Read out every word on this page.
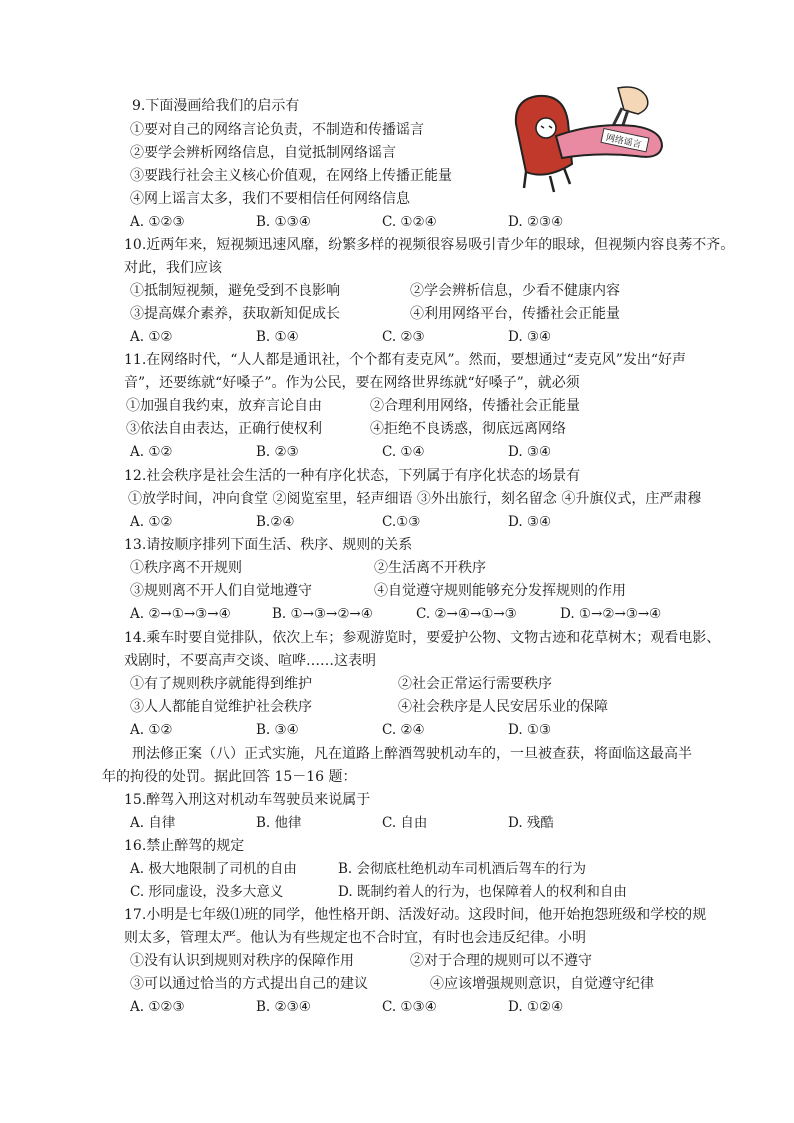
网络谣言
9.下面漫画给我们的启示有
①要对自己的网络言论负责，不制造和传播谣言
②要学会辨析网络信息，自觉抵制网络谣言
③要践行社会主义核心价值观，在网络上传播正能量
④网上谣言太多，我们不要相信任何网络信息
A. ①②③	B. ①③④	C. ①②④	D. ②③④
10.近两年来，短视频迅速风靡，纷繁多样的视频很容易吸引青少年的眼球，但视频内容良莠不齐。
对此，我们应该
①抵制短视频，避免受到不良影响	②学会辨析信息，少看不健康内容
③提高媒介素养，获取新知促成长	④利用网络平台，传播社会正能量
A. ①②	B. ①④	C. ②③	D. ③④
11.在网络时代，“人人都是通讯社，个个都有麦克风”。然而，要想通过“麦克风”发出“好声
音”，还要练就“好嗓子”。作为公民，要在网络世界练就“好嗓子”，就必须
①加强自我约束，放弃言论自由	②合理利用网络，传播社会正能量
③依法自由表达，正确行使权利	④拒绝不良诱惑，彻底远离网络
A. ①②	B. ②③	C. ①④	D. ③④
12.社会秩序是社会生活的一种有序化状态，下列属于有序化状态的场景有
①放学时间，冲向食堂 ②阅览室里，轻声细语 ③外出旅行，刻名留念 ④升旗仪式，庄严肃穆
A. ①②	B.②④	C.①③	D. ③④
13.请按顺序排列下面生活、秩序、规则的关系
①秩序离不开规则	②生活离不开秩序
③规则离不开人们自觉地遵守	④自觉遵守规则能够充分发挥规则的作用
A. ②→①→③→④	B. ①→③→②→④	C. ②→④→①→③	D. ①→②→③→④
14.乘车时要自觉排队，依次上车；参观游览时，要爱护公物、文物古迹和花草树木；观看电影、
戏剧时，不要高声交谈、喧哗……这表明
①有了规则秩序就能得到维护	②社会正常运行需要秩序
③人人都能自觉维护社会秩序	④社会秩序是人民安居乐业的保障
A. ①②	B. ③④	C. ②④	D. ①③
刑法修正案（八）正式实施，凡在道路上醉酒驾驶机动车的，一旦被查获，将面临这最高半
年的拘役的处罚。据此回答 15－16 题：
15.醉驾入刑这对机动车驾驶员来说属于
A. 自律	B. 他律	C. 自由	D. 残酷
16.禁止醉驾的规定
A. 极大地限制了司机的自由	B. 会彻底杜绝机动车司机酒后驾车的行为
C. 形同虚设，没多大意义	D. 既制约着人的行为，也保障着人的权利和自由
17.小明是七年级⑴班的同学，他性格开朗、活泼好动。这段时间，他开始抱怨班级和学校的规
则太多，管理太严。他认为有些规定也不合时宜，有时也会违反纪律。小明
①没有认识到规则对秩序的保障作用	②对于合理的规则可以不遵守
③可以通过恰当的方式提出自己的建议	④应该增强规则意识，自觉遵守纪律
A. ①②③	B. ②③④	C. ①③④	D. ①②④
